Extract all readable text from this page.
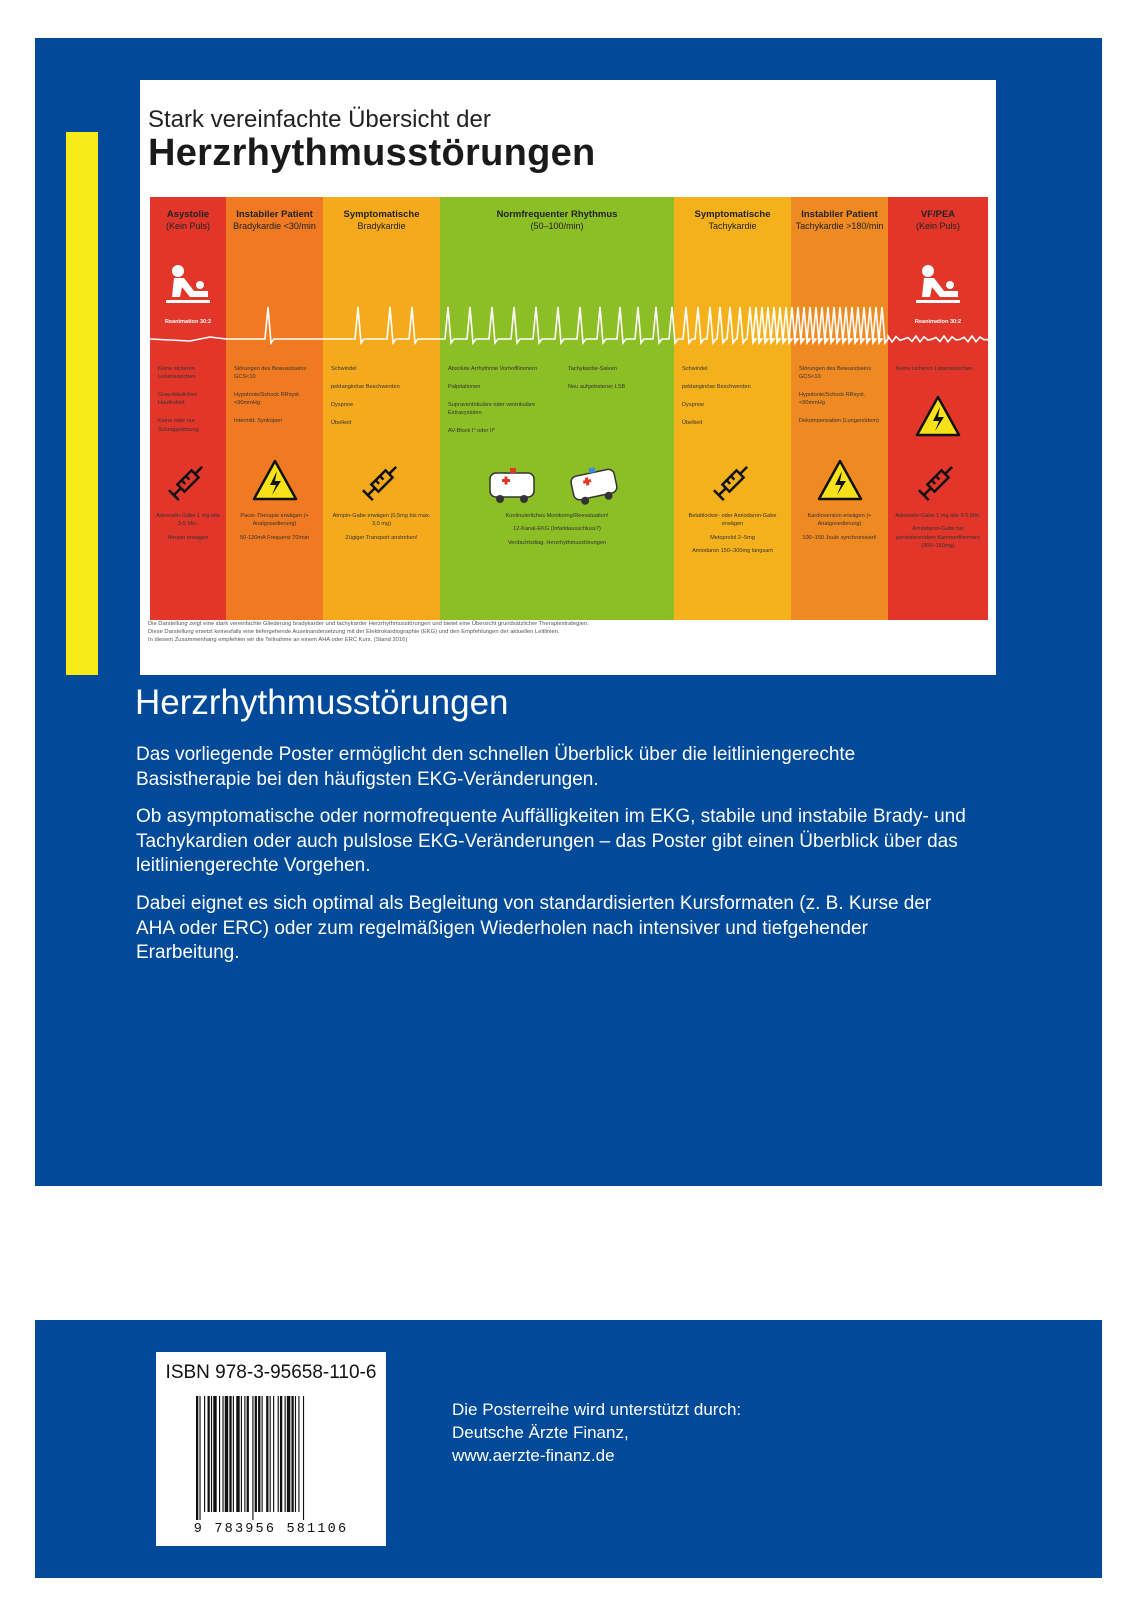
Stark vereinfachte Übersicht der
Herzrhythmusstörungen
Asystolie
(Kein Puls)
Reanimation 30:2
Keine sicheren Lebenszeichen
Grau-bläuliches Hautkolorit
Keine oder nur Schnappatmung
Adrenalin-Gabe 1 mg alle 3-5 Min.
Atropin erwägen
Instabiler Patient
Bradykardie <30/min
Störungen des Bewusstseins GCS<10
Hypotonie/Schock RRsyst. <90mmHg
Intermitt. Synkopen
Pacer-Therapie erwägen (+ Analgosedierung)
50-120mA Frequenz 70/min
Symptomatische
Bradykardie
Schwindel
pektanginöse Beschwerden
Dyspnoe
Übelkeit
Atropin-Gabe erwägen (0,5mg bis max. 3,0 mg)
Zügiger Transport anstreben!
Normfrequenter Rhythmus
(50–100/min)
Absolute Arrhythmie Vorhofflimmern
Palpitationen
Supraventrikuläre oder ventrikuläre Extrasystolen
AV-Block I° oder II°
Tachykardie-Salven
Neu aufgetretener LSB
Kontinuierliches Monitoring/Reevaluation!
12-Kanal-EKG (Infarktausschluss?)
Verdachtsdiag. Herzrhythmusstörungen
Symptomatische
Tachykardie
Schwindel
pektanginöse Beschwerden
Dyspnoe
Übelkeit
Betablocker- oder Amiodaron-Gabe erwägen
Metoprolol 2–5mg
Amiodaron 150–300mg langsam
Instabiler Patient
Tachykardie >180/min
Störungen des Bewusstseins GCS<10
Hypotonie/Schock RRsyst. <90mmHg
Dekompensation (Lungenödem)
Kardioversion erwägen (+ Analgosedierung)
100–150 Joule synchronisiert!
VF/PEA
(Kein Puls)
Reanimation 30:2
Keine sicheren Lebenszeichen
Adrenalin-Gabe 1 mg alle 3-5 Min.
Amiodaron-Gabe bei persistierendem Kammerflimmern (300–150mg)
Die Darstellung zeigt eine stark vereinfachte Gliederung bradykarder und tachykarder Herzrhythmusstörungen und bietet eine Übersicht grundsätzlicher Therapiestrategien.
Diese Darstellung ersetzt keinesfalls eine tiefergehende Auseinandersetzung mit der Elektrokardiographie (EKG) und den Empfehlungen der aktuellen Leitlinien.
In diesem Zusammenhang empfehlen wir die Teilnahme an einem AHA oder ERC Kurs. (Stand 2016)
Herzrhythmusstörungen

Das vorliegende Poster ermöglicht den schnellen Überblick über die leitliniengerechte Basistherapie bei den häufigsten EKG-Veränderungen.

Ob asymptomatische oder normofrequente Auffälligkeiten im EKG, stabile und instabile Brady- und Tachykardien oder auch pulslose EKG-Veränderungen – das Poster gibt einen Überblick über das leitliniengerechte Vorgehen.

Dabei eignet es sich optimal als Begleitung von standardisierten Kursformaten (z. B. Kurse der AHA oder ERC) oder zum regelmäßigen Wiederholen nach intensiver und tiefgehender Erarbeitung.

ISBN 978-3-95658-110-6
9 783956 581106
Die Posterreihe wird unterstützt durch:
Deutsche Ärzte Finanz,
www.aerzte-finanz.de
